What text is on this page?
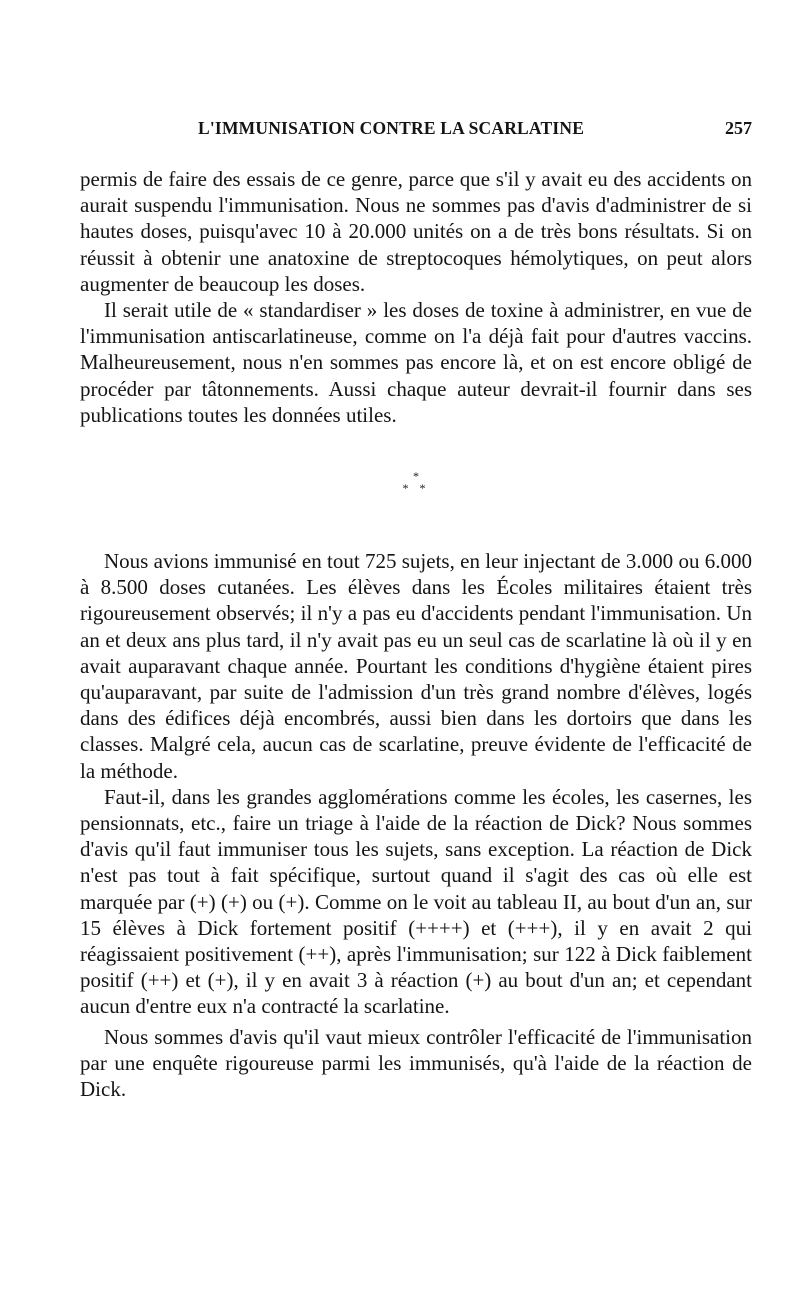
L'IMMUNISATION CONTRE LA SCARLATINE	257

permis de faire des essais de ce genre, parce que s'il y avait eu des accidents on aurait suspendu l'immunisation. Nous ne sommes pas d'avis d'administrer de si hautes doses, puisqu'avec 10 à 20.000 unités on a de très bons résultats. Si on réussit à obtenir une anatoxine de streptocoques hémolytiques, on peut alors augmenter de beaucoup les doses.

Il serait utile de « standardiser » les doses de toxine à administrer, en vue de l'immunisation antiscarlatineuse, comme on l'a déjà fait pour d'autres vaccins. Malheureusement, nous n'en sommes pas encore là, et on est encore obligé de procéder par tâtonnements. Aussi chaque auteur devrait-il fournir dans ses publications toutes les données utiles.

*
* *

Nous avions immunisé en tout 725 sujets, en leur injectant de 3.000 ou 6.000 à 8.500 doses cutanées. Les élèves dans les Écoles militaires étaient très rigoureusement observés; il n'y a pas eu d'accidents pendant l'immunisation. Un an et deux ans plus tard, il n'y avait pas eu un seul cas de scarlatine là où il y en avait auparavant chaque année. Pourtant les conditions d'hygiène étaient pires qu'auparavant, par suite de l'admission d'un très grand nombre d'élèves, logés dans des édifices déjà encombrés, aussi bien dans les dortoirs que dans les classes. Malgré cela, aucun cas de scarlatine, preuve évidente de l'efficacité de la méthode.

Faut-il, dans les grandes agglomérations comme les écoles, les casernes, les pensionnats, etc., faire un triage à l'aide de la réaction de Dick? Nous sommes d'avis qu'il faut immuniser tous les sujets, sans exception. La réaction de Dick n'est pas tout à fait spécifique, surtout quand il s'agit des cas où elle est marquée par (+) (+) ou (+). Comme on le voit au tableau II, au bout d'un an, sur 15 élèves à Dick fortement positif (++++) et (+++), il y en avait 2 qui réagissaient positivement (++), après l'immunisation; sur 122 à Dick faiblement positif (++) et (+), il y en avait 3 à réaction (+) au bout d'un an; et cependant aucun d'entre eux n'a contracté la scarlatine.

Nous sommes d'avis qu'il vaut mieux contrôler l'efficacité de l'immunisation par une enquête rigoureuse parmi les immunisés, qu'à l'aide de la réaction de Dick.
